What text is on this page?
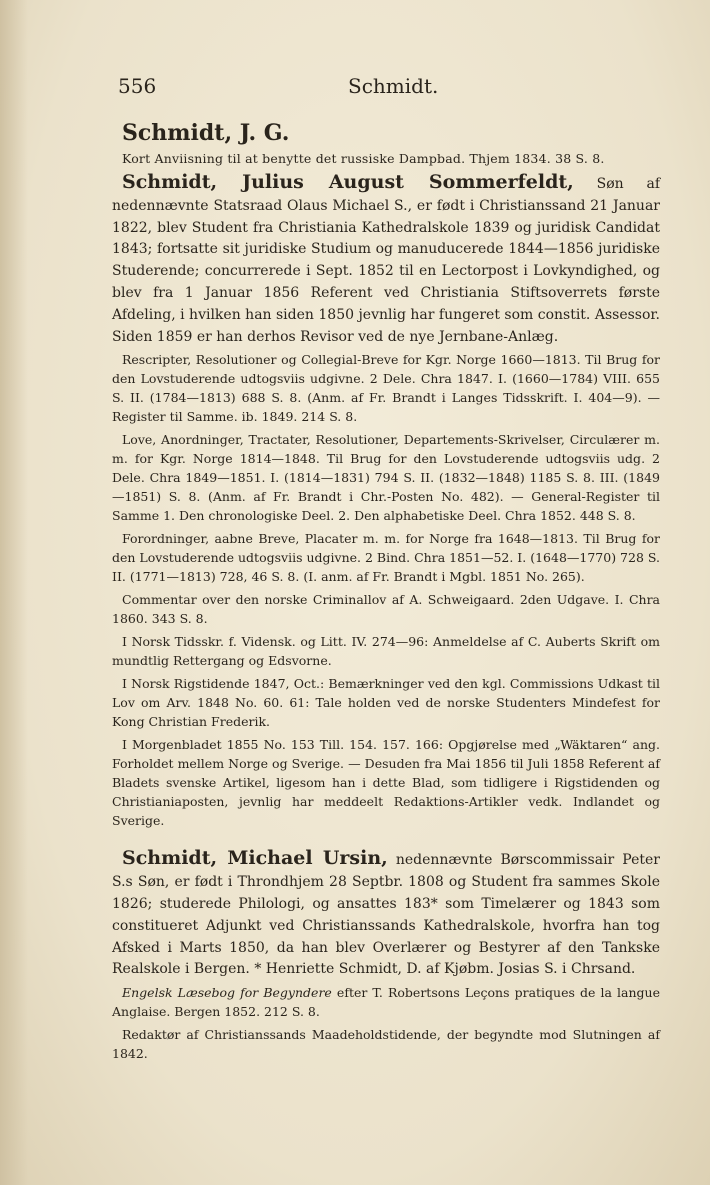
556	Schmidt.
Schmidt, J. G.
Kort Anviisning til at benytte det russiske Dampbad. Thjem 1834. 38 S. 8.

Schmidt, Julius August Sommerfeldt, Søn af nedennævnte Statsraad Olaus Michael S., er født i Christianssand 21 Januar 1822, blev Student fra Christiania Kathedralskole 1839 og juridisk Candidat 1843; fortsatte sit juridiske Studium og manuducerede 1844—1856 juridiske Studerende; concurrerede i Sept. 1852 til en Lectorpost i Lovkyndighed, og blev fra 1 Januar 1856 Referent ved Christiania Stiftsoverrets første Afdeling, i hvilken han siden 1850 jevnlig har fungeret som constit. Assessor. Siden 1859 er han derhos Revisor ved de nye Jernbane-Anlæg.

Rescripter, Resolutioner og Collegial-Breve for Kgr. Norge 1660—1813. Til Brug for den Lovstuderende udtogsviis udgivne. 2 Dele. Chra 1847. I. (1660—1784) VIII. 655 S. II. (1784—1813) 688 S. 8. (Anm. af Fr. Brandt i Langes Tidsskrift. I. 404—9). — Register til Samme. ib. 1849. 214 S. 8.
Love, Anordninger, Tractater, Resolutioner, Departements-Skrivelser, Circulærer m. m. for Kgr. Norge 1814—1848. Til Brug for den Lovstuderende udtogsviis udg. 2 Dele. Chra 1849—1851. I. (1814—1831) 794 S. II. (1832—1848) 1185 S. 8. III. (1849—1851) S. 8. (Anm. af Fr. Brandt i Chr.-Posten No. 482). — General-Register til Samme 1. Den chronologiske Deel. 2. Den alphabetiske Deel. Chra 1852. 448 S. 8.
Forordninger, aabne Breve, Placater m. m. for Norge fra 1648—1813. Til Brug for den Lovstuderende udtogsviis udgivne. 2 Bind. Chra 1851—52. I. (1648—1770) 728 S. II. (1771—1813) 728, 46 S. 8. (I. anm. af Fr. Brandt i Mgbl. 1851 No. 265).
Commentar over den norske Criminallov af A. Schweigaard. 2den Udgave. I. Chra 1860. 343 S. 8.
I Norsk Tidsskr. f. Vidensk. og Litt. IV. 274—96: Anmeldelse af C. Auberts Skrift om mundtlig Rettergang og Edsvorne.
I Norsk Rigstidende 1847, Oct.: Bemærkninger ved den kgl. Commissions Udkast til Lov om Arv. 1848 No. 60. 61: Tale holden ved de norske Studenters Mindefest for Kong Christian Frederik.
I Morgenbladet 1855 No. 153 Till. 154. 157. 166: Opgjørelse med „Wäktaren“ ang. Forholdet mellem Norge og Sverige. — Desuden fra Mai 1856 til Juli 1858 Referent af Bladets svenske Artikel, ligesom han i dette Blad, som tidligere i Rigstidenden og Christianiaposten, jevnlig har meddeelt Redaktions-Artikler vedk. Indlandet og Sverige.

Schmidt, Michael Ursin, nedennævnte Børscommissair Peter S.s Søn, er født i Throndhjem 28 Septbr. 1808 og Student fra sammes Skole 1826; studerede Philologi, og ansattes 183* som Timelærer og 1843 som constitueret Adjunkt ved Christianssands Kathedralskole, hvorfra han tog Afsked i Marts 1850, da han blev Overlærer og Bestyrer af den Tankske Realskole i Bergen. * Henriette Schmidt, D. af Kjøbm. Josias S. i Chrsand.

Engelsk Læsebog for Begyndere efter T. Robertsons Leçons pratiques de la langue Anglaise. Bergen 1852. 212 S. 8.
Redaktør af Christianssands Maadeholdstidende, der begyndte mod Slutningen af 1842.
